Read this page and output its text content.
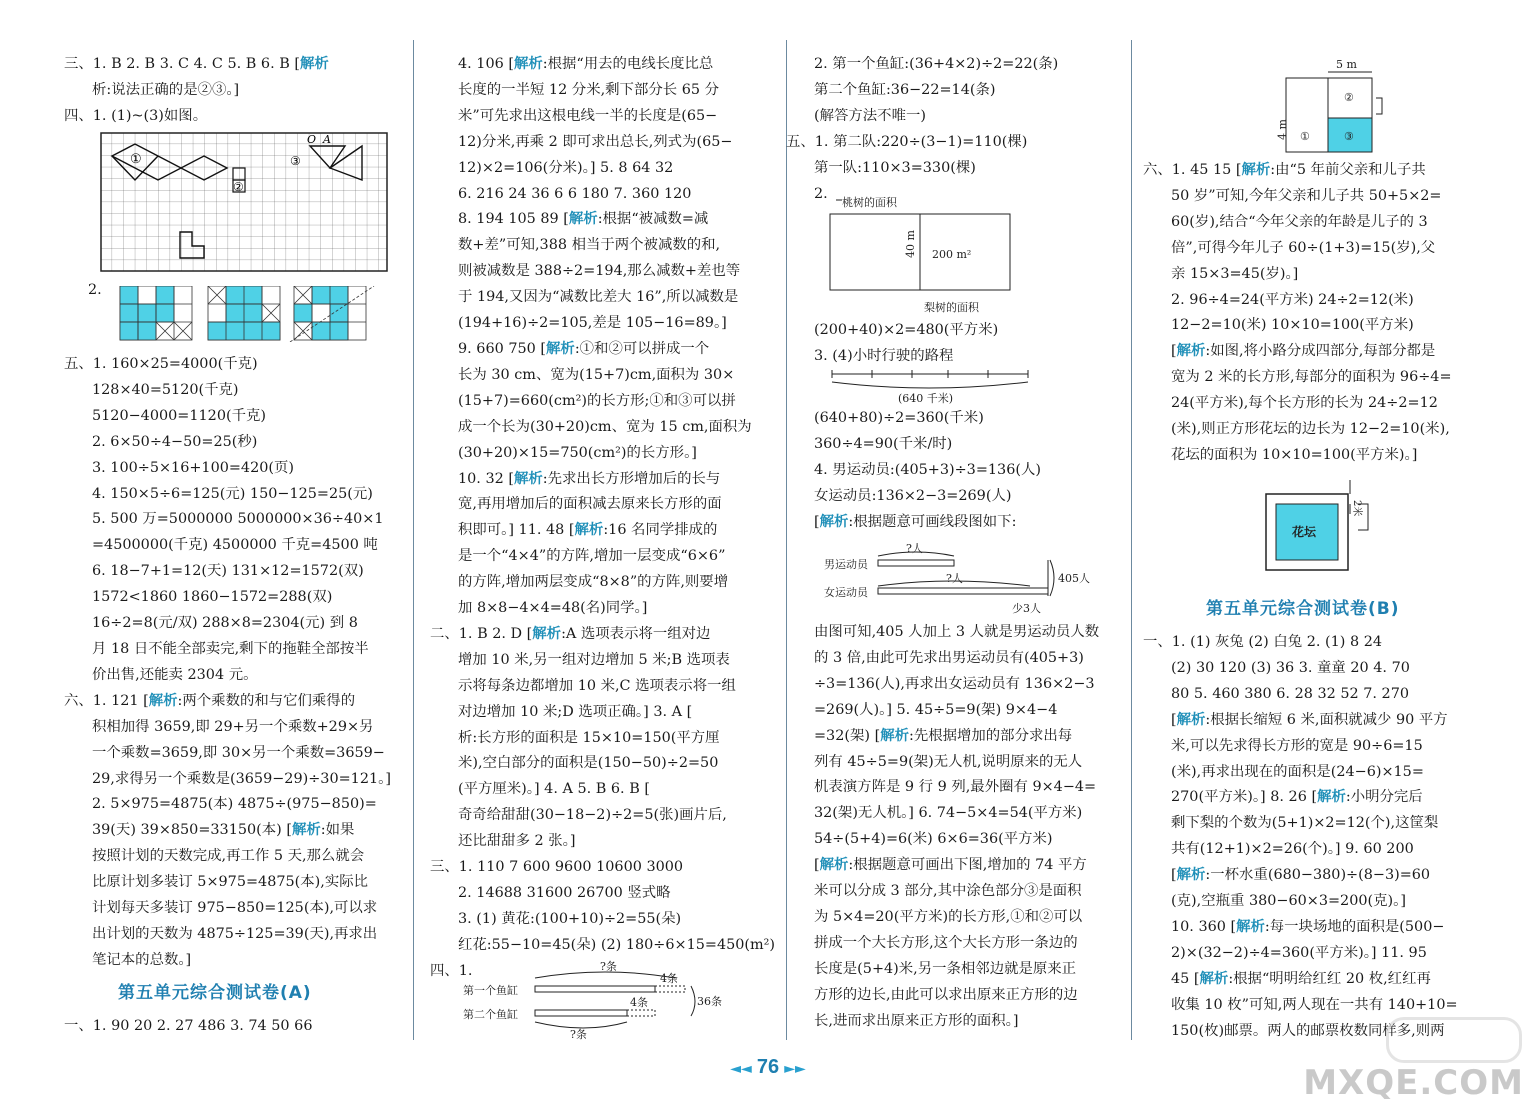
三、1. B 2. B 3. C 4. C 5. B 6. B [解析

析:说法正确的是②③。]

四、1. (1)~(3)如图。

①
②
③
O A

2.

五、1. 160×25=4000(千克)

128×40=5120(千克)

5120−4000=1120(千克)

2. 6×50÷4−50=25(秒)

3. 100÷5×16+100=420(页)

4. 150×5÷6=125(元) 150−125=25(元)

5. 500 万=5000000 5000000×36÷40×1

=4500000(千克) 4500000 千克=4500 吨

6. 18−7+1=12(天) 131×12=1572(双)

1572<1860 1860−1572=288(双)

16÷2=8(元/双) 288×8=2304(元) 到 8

月 18 日不能全部卖完,剩下的拖鞋全部按半

价出售,还能卖 2304 元。

六、1. 121 [解析:两个乘数的和与它们乘得的

积相加得 3659,即 29+另一个乘数+29×另

一个乘数=3659,即 30×另一个乘数=3659−

29,求得另一个乘数是(3659−29)÷30=121。]

2. 5×975=4875(本) 4875÷(975−850)=

39(天) 39×850=33150(本) [解析:如果

按照计划的天数完成,再工作 5 天,那么就会

比原计划多装订 5×975=4875(本),实际比

计划每天多装订 975−850=125(本),可以求

出计划的天数为 4875÷125=39(天),再求出

笔记本的总数。]

第五单元综合测试卷(A)

一、1. 90 20 2. 27 486 3. 74 50 66

4. 106 [解析:根据“用去的电线长度比总

长度的一半短 12 分米,剩下部分长 65 分

米”可先求出这根电线一半的长度是(65−

12)分米,再乘 2 即可求出总长,列式为(65−

12)×2=106(分米)。] 5. 8 64 32

6. 216 24 36 6 6 180 7. 360 120

8. 194 105 89 [解析:根据“被减数=减

数+差”可知,388 相当于两个被减数的和,

则被减数是 388÷2=194,那么减数+差也等

于 194,又因为“减数比差大 16”,所以减数是

(194+16)÷2=105,差是 105−16=89。]

9. 660 750 [解析:①和②可以拼成一个

长为 30 cm、宽为(15+7)cm,面积为 30×

(15+7)=660(cm²)的长方形;①和③可以拼

成一个长为(30+20)cm、宽为 15 cm,面积为

(30+20)×15=750(cm²)的长方形。]

10. 32 [解析:先求出长方形增加后的长与

宽,再用增加后的面积减去原来长方形的面

积即可。] 11. 48 [解析:16 名同学排成的

是一个“4×4”的方阵,增加一层变成“6×6”

的方阵,增加两层变成“8×8”的方阵,则要增

加 8×8−4×4=48(名)同学。]

二、1. B 2. D [解析:A 选项表示将一组对边

增加 10 米,另一组对边增加 5 米;B 选项表

示将每条边都增加 10 米,C 选项表示将一组

对边增加 10 米;D 选项正确。] 3. A [

析:长方形的面积是 15×10=150(平方厘

米),空白部分的面积是(150−50)÷2=50

(平方厘米)。] 4. A 5. B 6. B [

奇奇给甜甜(30−18−2)÷2=5(张)画片后,

还比甜甜多 2 张。]

三、1. 110 7 600 9600 10600 3000

2. 14688 31600 26700 竖式略

3. (1) 黄花:(100+10)÷2=55(朵)

红花:55−10=45(朵) (2) 180÷6×15=450(m²)

四、1.	?条
第一个鱼缸
第二个鱼缸
4条
4条	36条
?条

2. 第一个鱼缸:(36+4×2)÷2=22(条)

第二个鱼缸:36−22=14(条)

(解答方法不唯一)

五、1. 第二队:220÷(3−1)=110(棵)

第一队:110×3=330(棵)

2.

桃树的面积
40 m 200 m²
梨树的面积

(200+40)×2=480(平方米)

3. (4)小时行驶的路程

(640 千米)

(640+80)÷2=360(千米)

360÷4=90(千米/时)

4. 男运动员:(405+3)÷3=136(人)

女运动员:136×2−3=269(人)

[解析:根据题意可画线段图如下:

?人
男运动员
?人
女运动员
405人
少3人

由图可知,405 人加上 3 人就是男运动员人数

的 3 倍,由此可先求出男运动员有(405+3)

÷3=136(人),再求出女运动员有 136×2−3

=269(人)。] 5. 45÷5=9(架) 9×4−4

=32(架) [解析:先根据增加的部分求出每

列有 45÷5=9(架)无人机,说明原来的无人

机表演方阵是 9 行 9 列,最外圈有 9×4−4=

32(架)无人机。] 6. 74−5×4=54(平方米)

54÷(5+4)=6(米) 6×6=36(平方米)

[解析:根据题意可画出下图,增加的 74 平方

米可以分成 3 部分,其中涂色部分③是面积

为 5×4=20(平方米)的长方形,①和②可以

拼成一个大长方形,这个大长方形一条边的

长度是(5+4)米,另一条相邻边就是原来正

方形的边长,由此可以求出原来正方形的边

长,进而求出原来正方形的面积。]

5 m
②
①	③
4 m

六、1. 45 15 [解析:由“5 年前父亲和儿子共

50 岁”可知,今年父亲和儿子共 50+5×2=

60(岁),结合“今年父亲的年龄是儿子的 3

倍”,可得今年儿子 60÷(1+3)=15(岁),父

亲 15×3=45(岁)。]

2. 96÷4=24(平方米) 24÷2=12(米)

12−2=10(米) 10×10=100(平方米)

[解析:如图,将小路分成四部分,每部分都是

宽为 2 米的长方形,每部分的面积为 96÷4=

24(平方米),每个长方形的长为 24÷2=12

(米),则正方形花坛的边长为 12−2=10(米),

花坛的面积为 10×10=100(平方米)。]

花坛
2米
第五单元综合测试卷(B)

一、1. (1) 灰兔 (2) 白兔 2. (1) 8 24

(2) 30 120 (3) 36 3. 童童 20 4. 70

80 5. 460 380 6. 28 32 52 7. 270

[解析:根据长缩短 6 米,面积就减少 90 平方

米,可以先求得长方形的宽是 90÷6=15

(米),再求出现在的面积是(24−6)×15=

270(平方米)。] 8. 26 [解析:小明分完后

剩下梨的个数为(5+1)×2=12(个),这筐梨

共有(12+1)×2=26(个)。] 9. 60 200

[解析:一杯水重(680−380)÷(8−3)=60

(克),空瓶重 380−60×3=200(克)。]

10. 360 [解析:每一块场地的面积是(500−

2)×(32−2)÷4=360(平方米)。] 11. 95

45 [解析:根据“明明给红红 20 枚,红红再

收集 10 枚”可知,两人现在一共有 140+10=

150(枚)邮票。两人的邮票枚数同样多,则两

◄◄ 76 ►►	MXQE.COM
